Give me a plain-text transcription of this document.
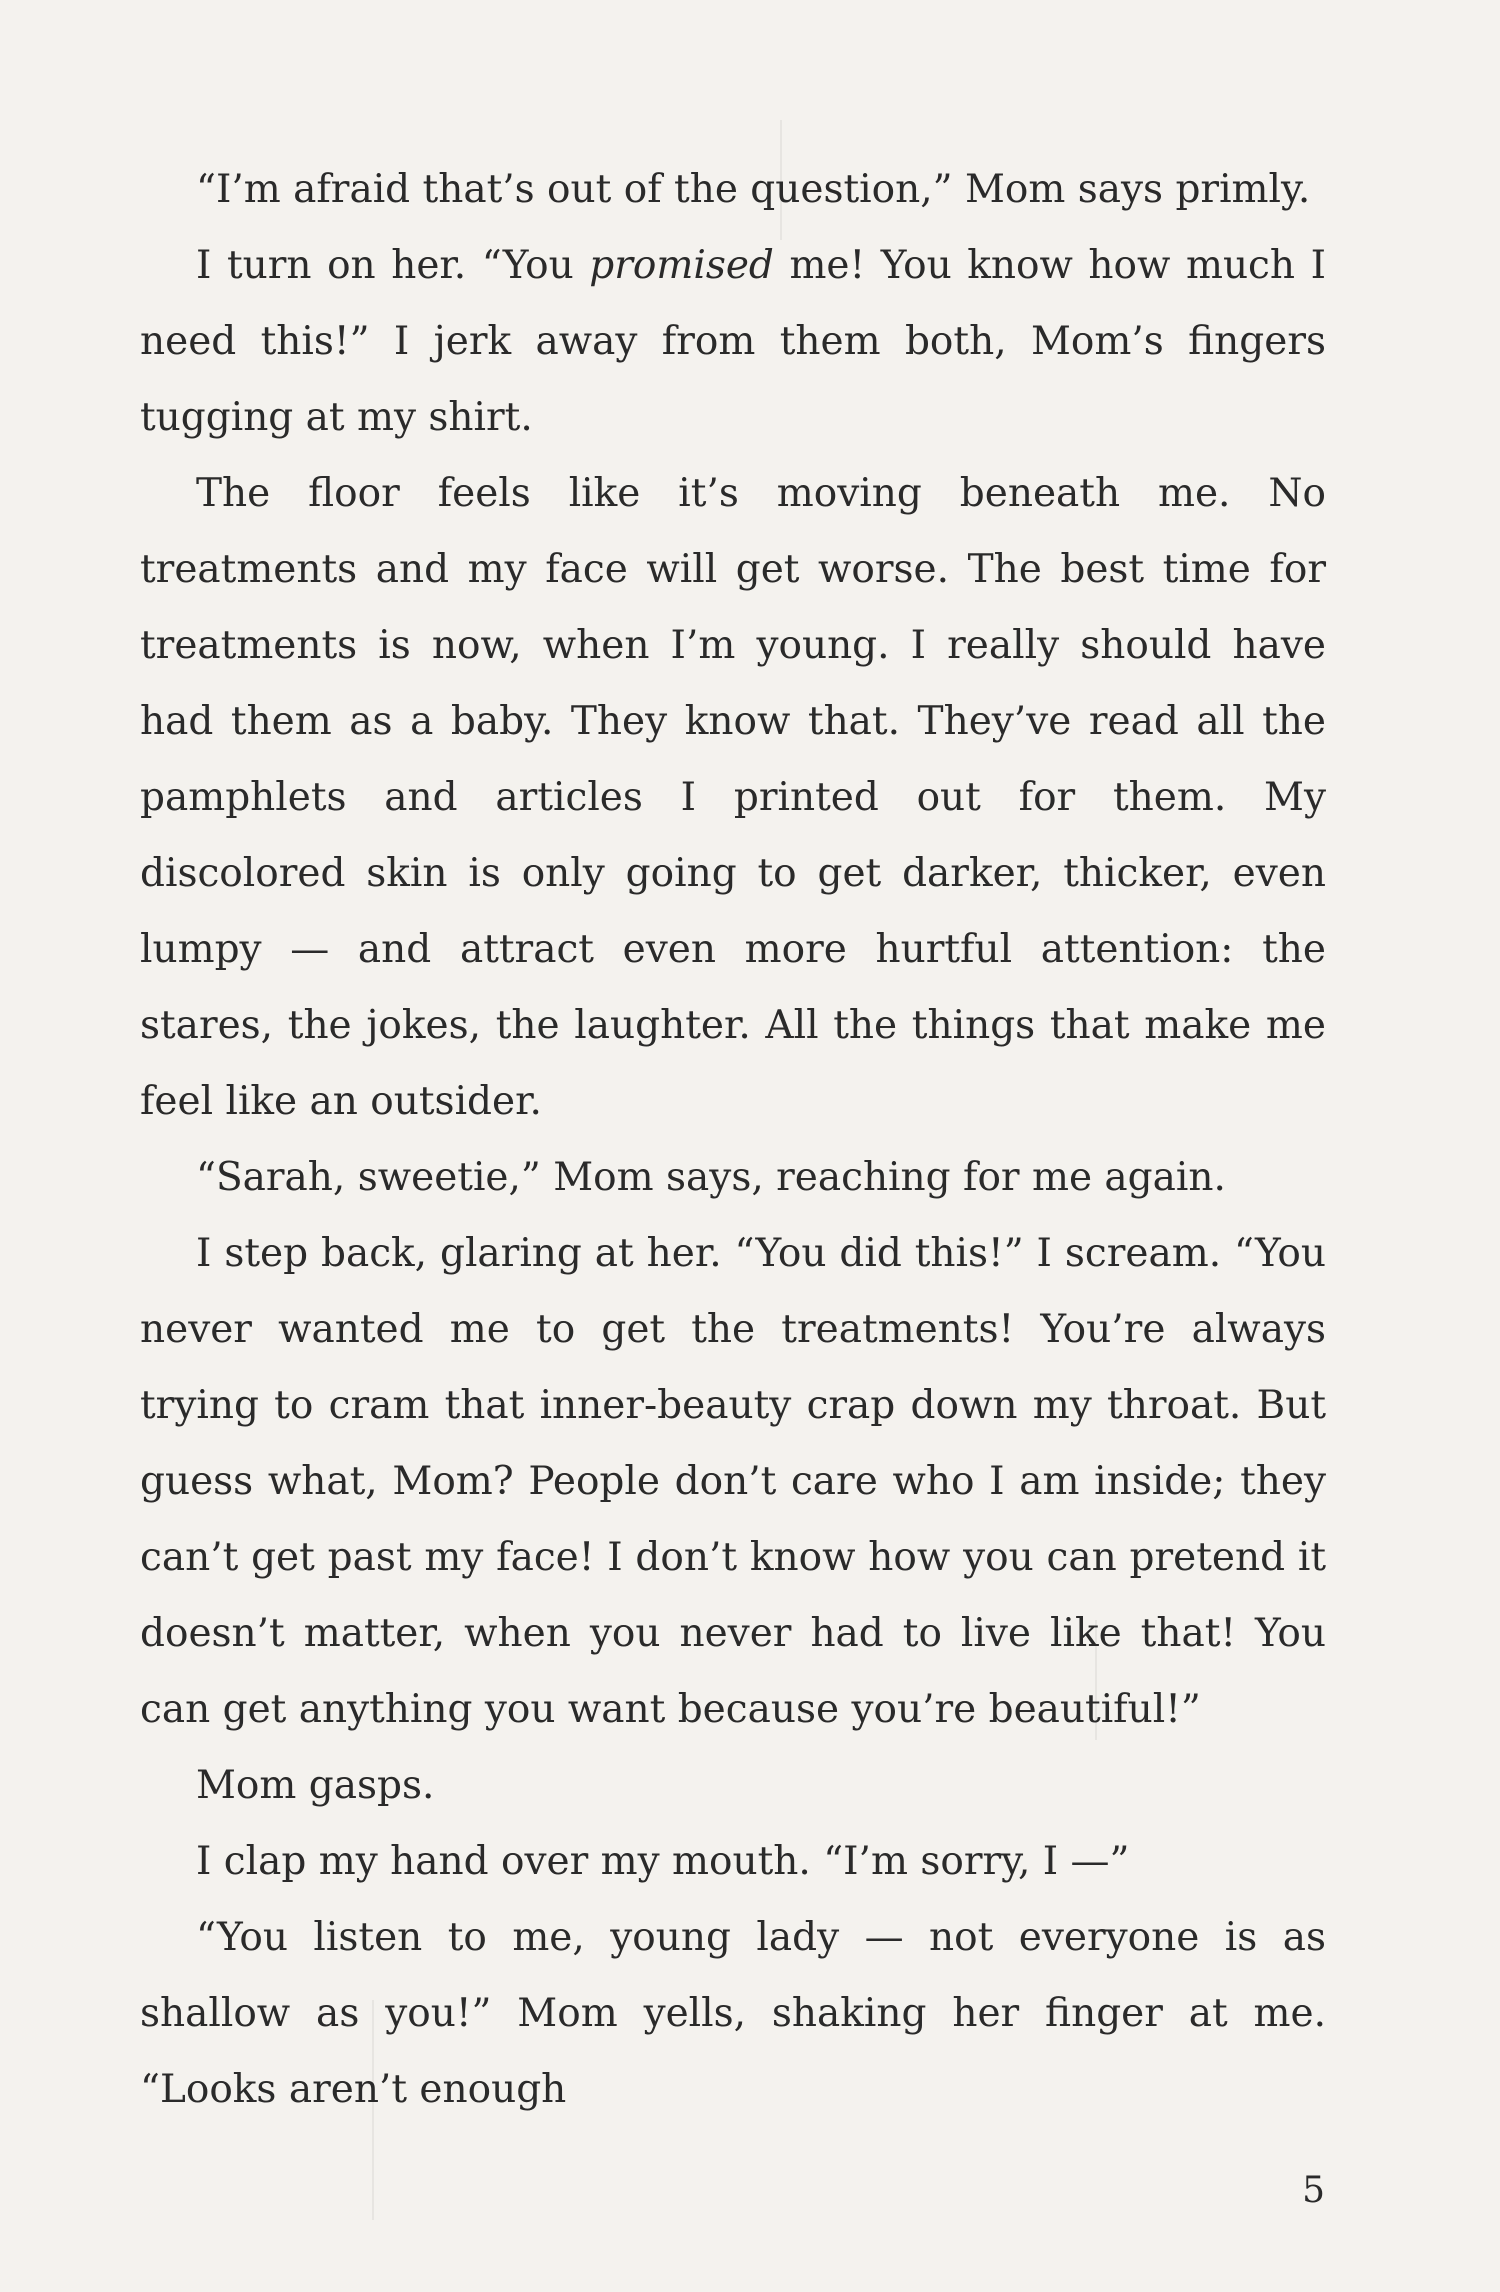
“I’m afraid that’s out of the question,” Mom says primly.

I turn on her. “You promised me! You know how much I need this!” I jerk away from them both, Mom’s fingers tugging at my shirt.

The floor feels like it’s moving beneath me. No treatments and my face will get worse. The best time for treatments is now, when I’m young. I really should have had them as a baby. They know that. They’ve read all the pamphlets and articles I printed out for them. My discolored skin is only going to get darker, thicker, even lumpy — and attract even more hurtful attention: the stares, the jokes, the laughter. All the things that make me feel like an outsider.

“Sarah, sweetie,” Mom says, reaching for me again.

I step back, glaring at her. “You did this!” I scream. “You never wanted me to get the treatments! You’re always trying to cram that inner-beauty crap down my throat. But guess what, Mom? People don’t care who I am inside; they can’t get past my face! I don’t know how you can pretend it doesn’t matter, when you never had to live like that! You can get anything you want because you’re beautiful!”

Mom gasps.

I clap my hand over my mouth. “I’m sorry, I —”

“You listen to me, young lady — not everyone is as shallow as you!” Mom yells, shaking her finger at me. “Looks aren’t enough

5
